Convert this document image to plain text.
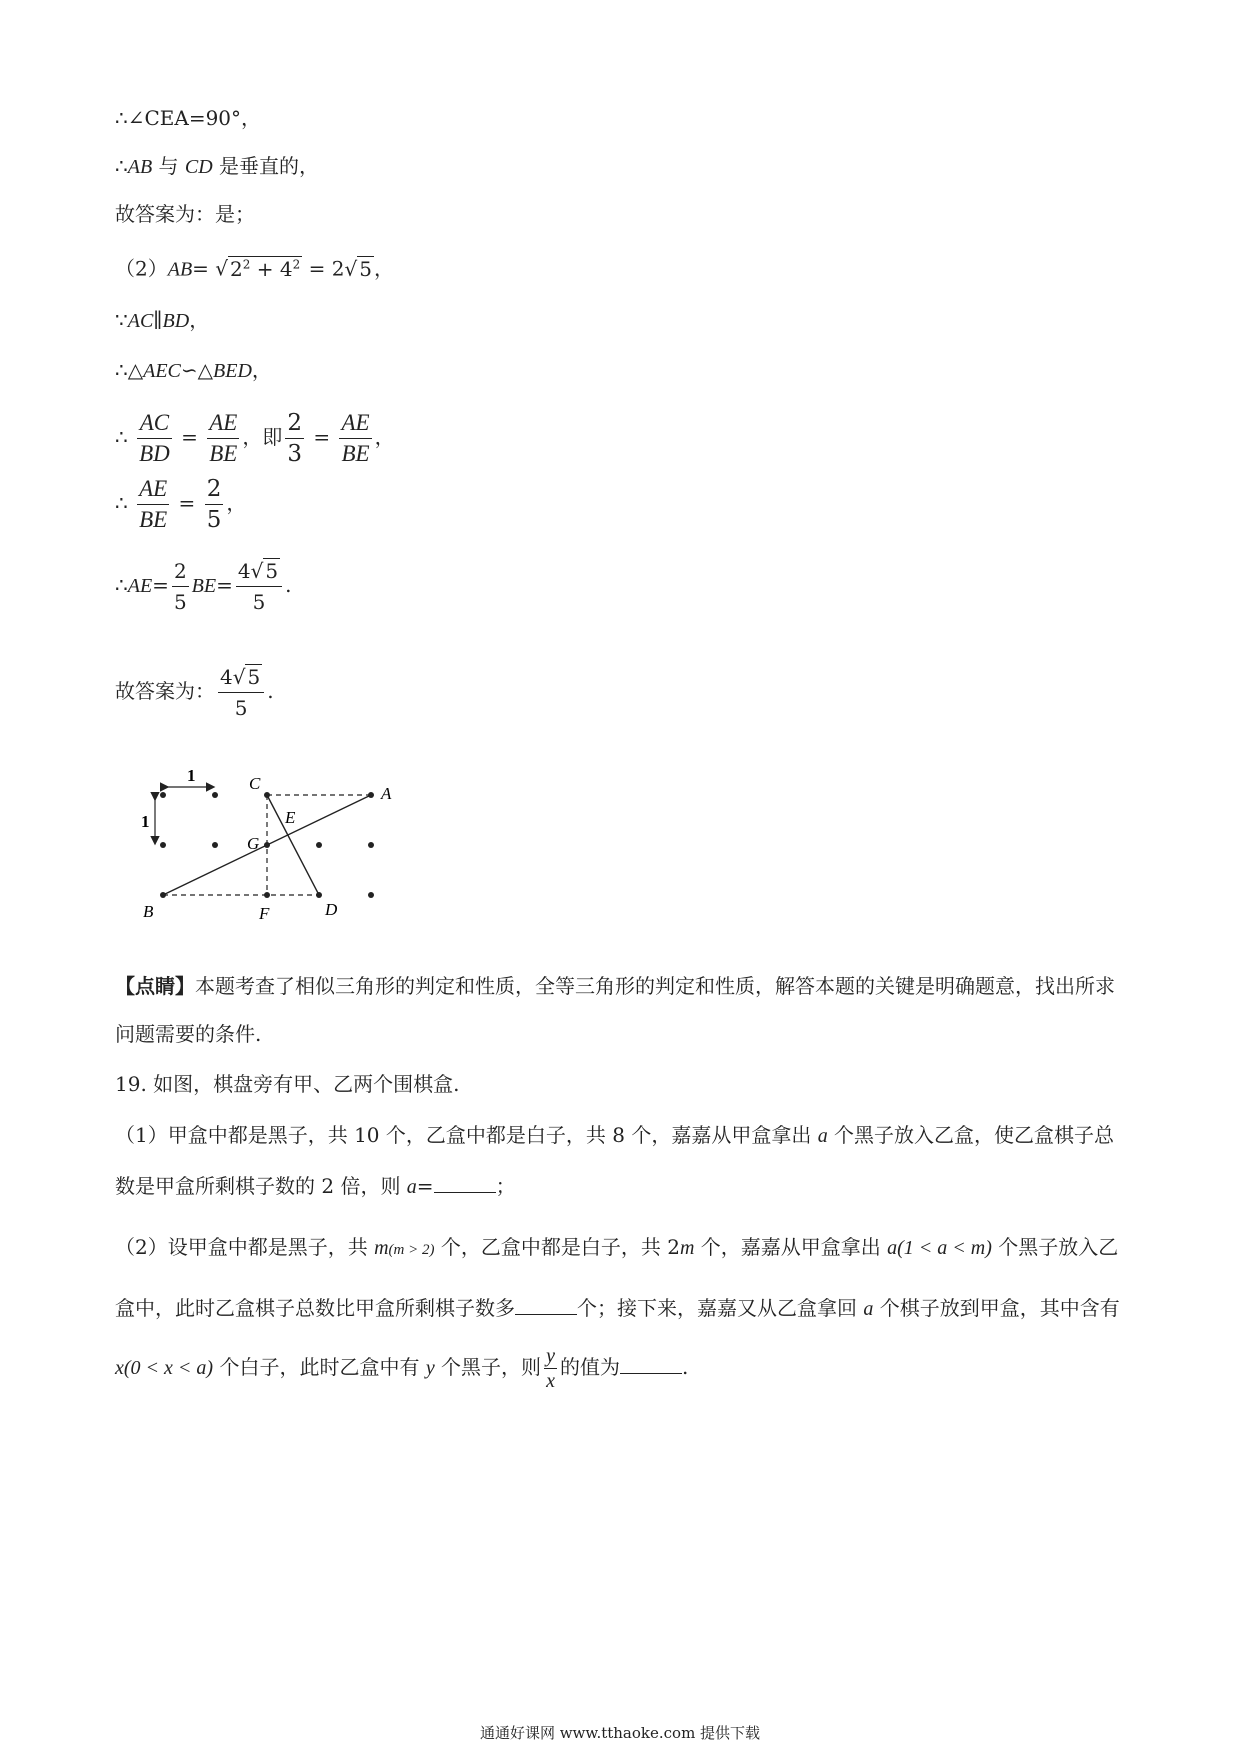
∴∠CEA=90°，
∴AB 与 CD 是垂直的，
故答案为：是；
（2）AB= √ $2^2 + 4^2 = 2√$ 5 ，
∵AC∥BD，
∴△AEC∽△BED，
∴ $\frac{AC}{BD} = \frac{AE}{BE}$ ，即 $\frac{2}{3} = \frac{AE}{BE}$ ，
∴ $\frac{AE}{BE} = \frac{2}{5}$ ，
∴AE= $\frac{2}{5} BE= \frac{4√ 5}{5}$ .
故答案为： $\frac{4√ 5}{5}$ .
1
1
C
A
E
G
B	F	D
【点睛】本题考查了相似三角形的判定和性质，全等三角形的判定和性质，解答本题的关键是明确题意，找出所求问题需要的条件.
19. 如图，棋盘旁有甲、乙两个围棋盒.
（1）甲盒中都是黑子，共 10 个，乙盒中都是白子，共 8 个，嘉嘉从甲盒拿出 a 个黑子放入乙盒，使乙盒棋子总数是甲盒所剩棋子数的 2 倍，则 a=	；
（2）设甲盒中都是黑子，共 m(m > 2) 个，乙盒中都是白子，共 2m 个，嘉嘉从甲盒拿出 a(1 < a < m) 个黑子放入乙盒中，此时乙盒棋子总数比甲盒所剩棋子数多	个；接下来，嘉嘉又从乙盒拿回 a 个棋子放到甲盒，其中含有 x(0 < x < a) 个白子，此时乙盒中有 y 个黑子，则 $\frac{y}{x}$ 的值为	.
通通好课网 www.tthaoke.com 提供下载
